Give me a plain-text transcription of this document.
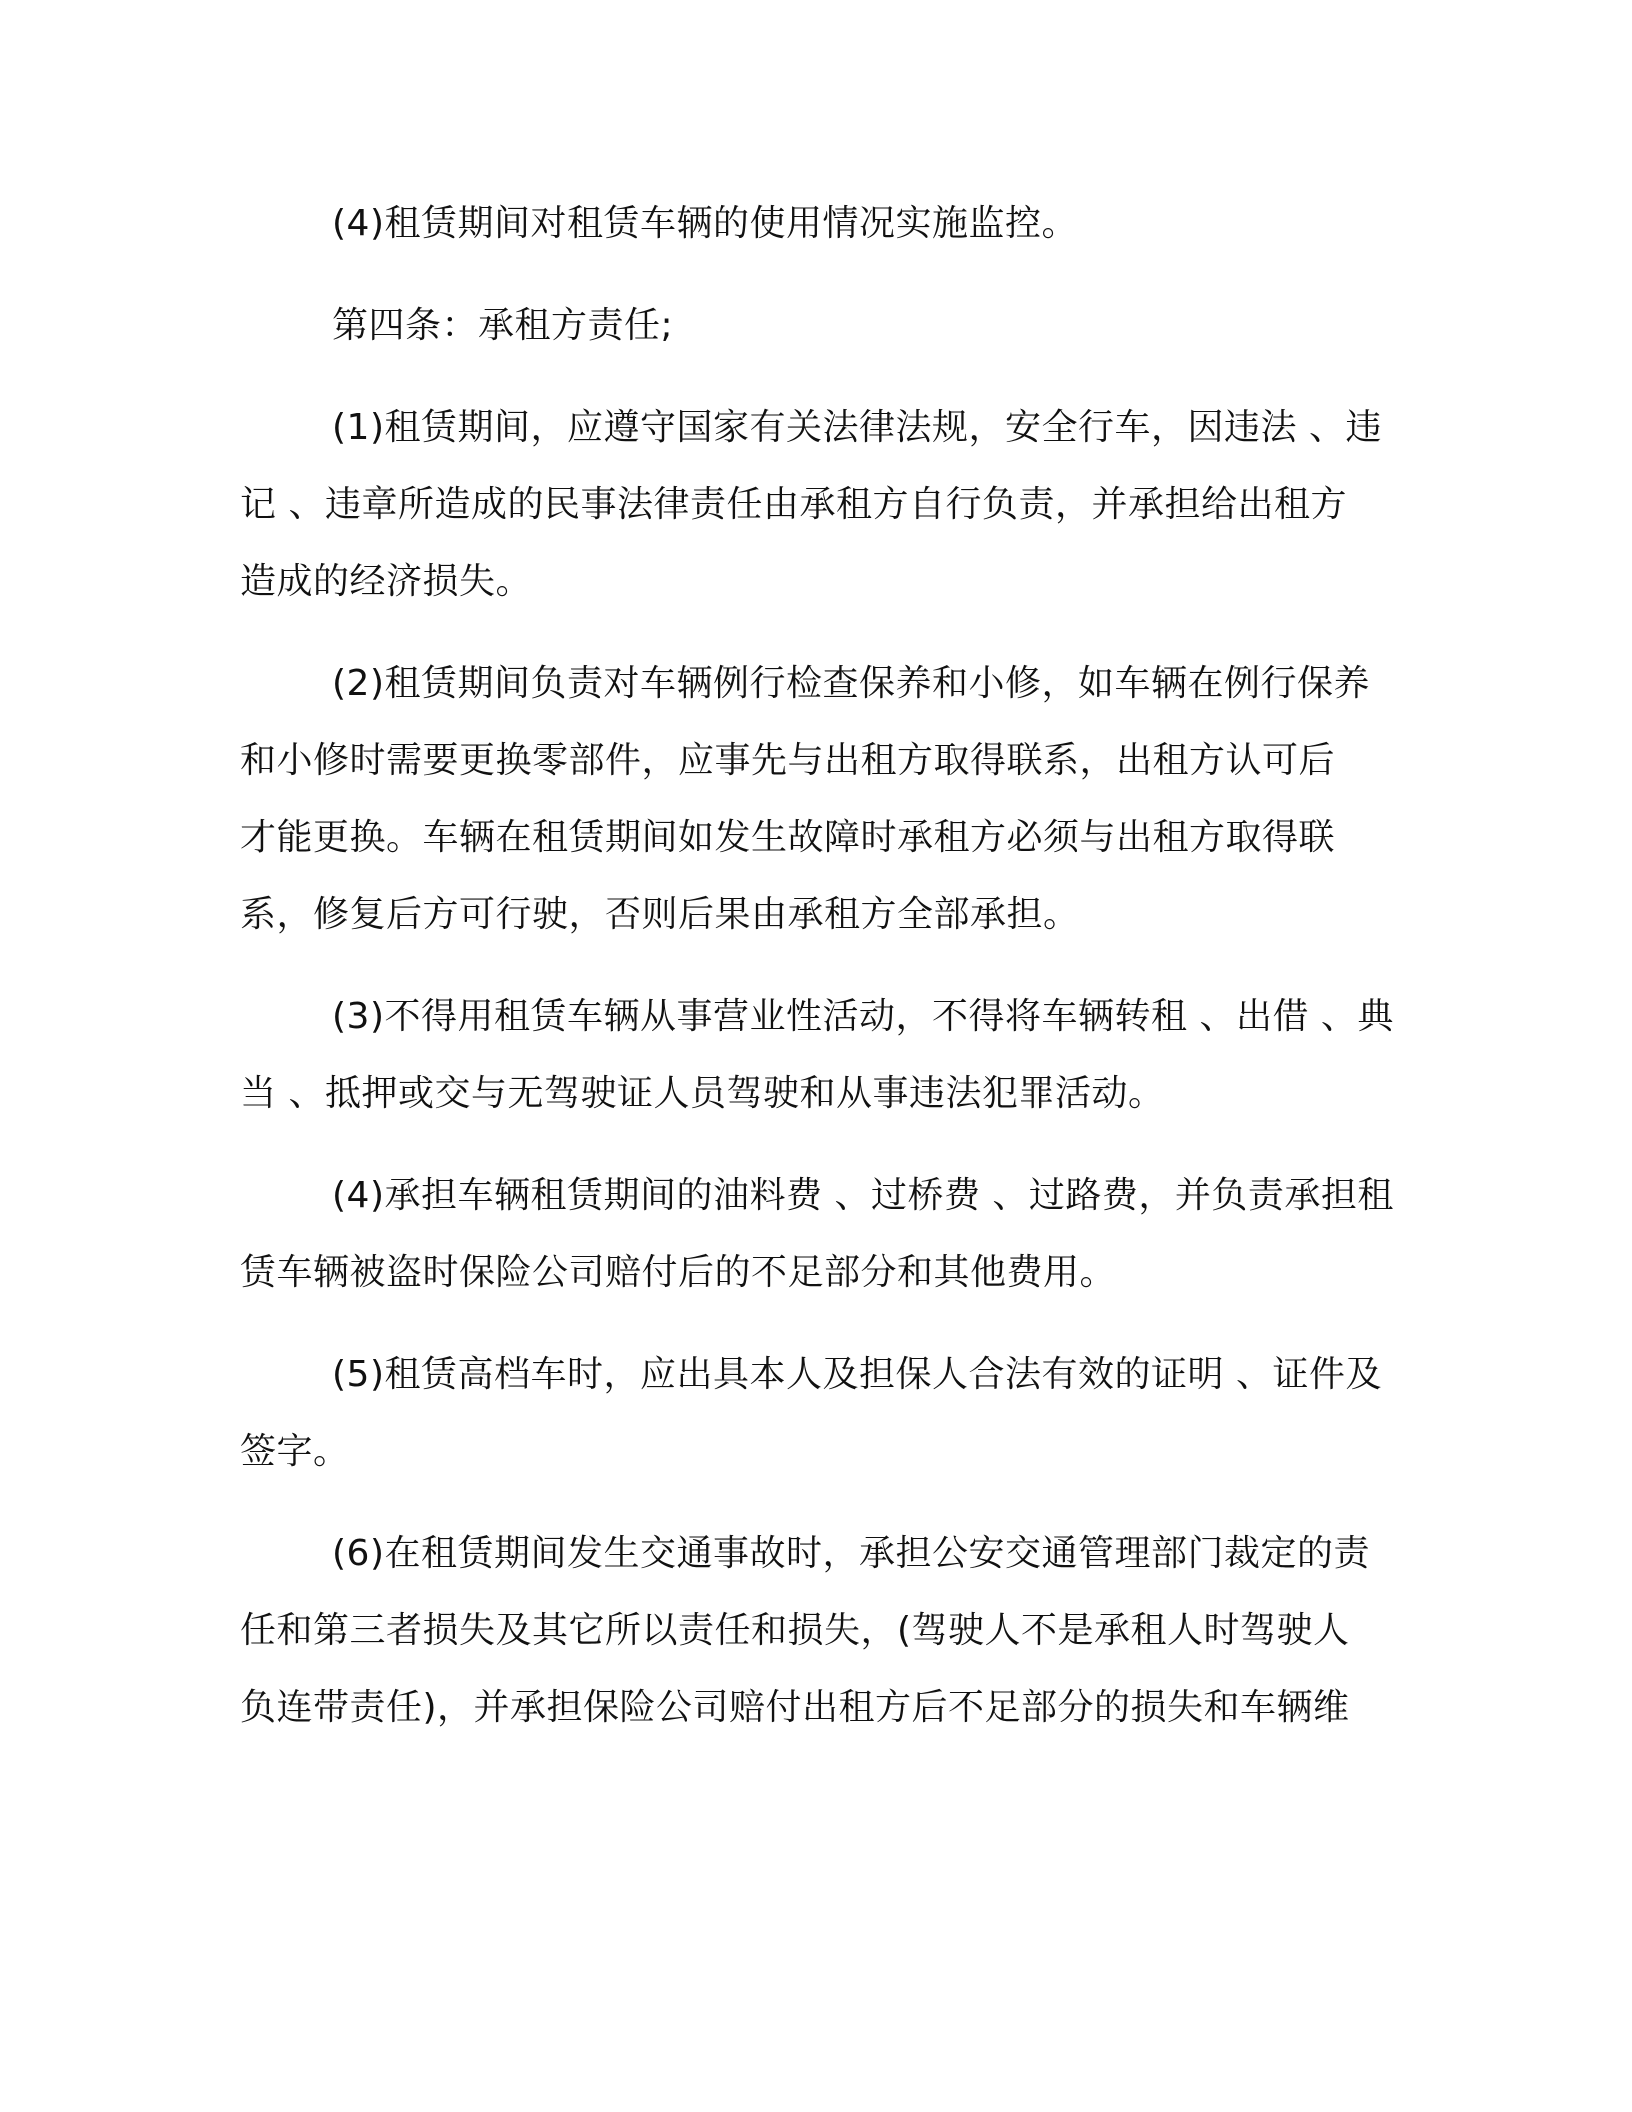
(4)租赁期间对租赁车辆的使用情况实施监控。

第四条：承租方责任;

(1)租赁期间，应遵守国家有关法律法规，安全行车，因违法 、违
记 、违章所造成的民事法律责任由承租方自行负责，并承担给出租方
造成的经济损失。

(2)租赁期间负责对车辆例行检查保养和小修，如车辆在例行保养
和小修时需要更换零部件，应事先与出租方取得联系，出租方认可后
才能更换。车辆在租赁期间如发生故障时承租方必须与出租方取得联
系，修复后方可行驶，否则后果由承租方全部承担。

(3)不得用租赁车辆从事营业性活动，不得将车辆转租 、出借 、典
当 、抵押或交与无驾驶证人员驾驶和从事违法犯罪活动。

(4)承担车辆租赁期间的油料费 、过桥费 、过路费，并负责承担租
赁车辆被盗时保险公司赔付后的不足部分和其他费用。

(5)租赁高档车时，应出具本人及担保人合法有效的证明 、证件及
签字。

(6)在租赁期间发生交通事故时，承担公安交通管理部门裁定的责
任和第三者损失及其它所以责任和损失，(驾驶人不是承租人时驾驶人
负连带责任)，并承担保险公司赔付出租方后不足部分的损失和车辆维
